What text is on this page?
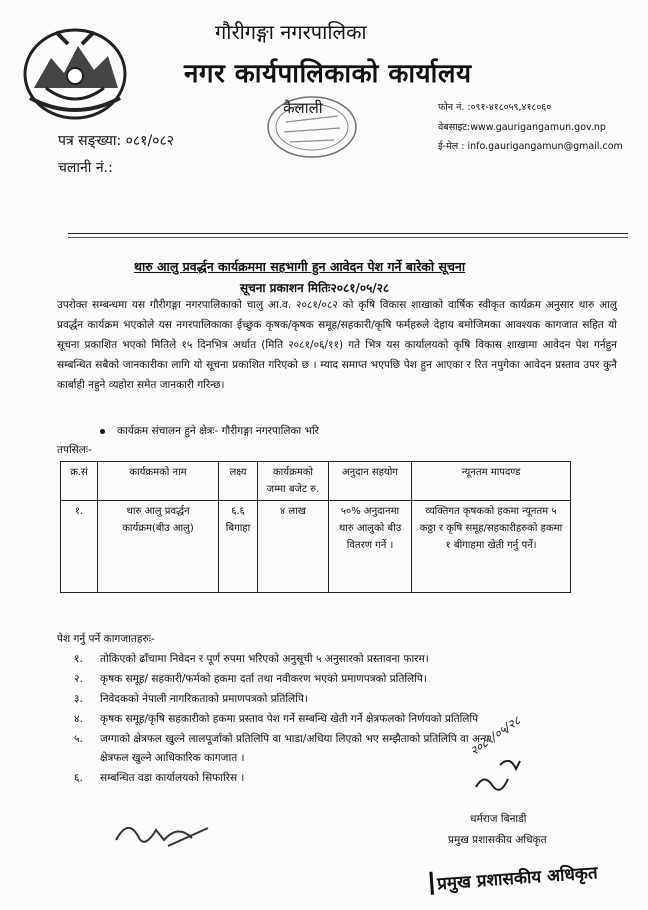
गौरीगङ्गा नगरपालिका
नगर कार्यपालिकाको कार्यालय
कैलाली	फोन नं. :०९१-४१८०५९,४१८०६०
वेबसाइट:www.gaurigangamun.gov.np
ई-मेल : info.gaurigangamun@gmail.com
पत्र सङ्ख्या: ०८१/०८२
चलानी नं.:
थारु आलु प्रवर्द्धन कार्यक्रममा सहभागी हुन आवेदन पेश गर्ने बारेको सूचना
सूचना प्रकाशन मितिः२०८१/०५/२८
उपरोक्त सम्बन्धमा यस गौरीगङ्गा नगरपालिकाको चालु आ.व. २०८१/०८२ को कृषि विकास शाखाको वार्षिक स्वीकृत कार्यक्रम अनुसार थारु आलु प्रवर्द्धन कार्यक्रम भएकोले यस नगरपालिकाका ईच्छुक कृषक/कृषक समूह/सहकारी/कृषि फर्महरुले देहाय बमोजिमका आवश्यक कागजात सहित यो सूचना प्रकाशित भएको मितिले १५ दिनभित्र अर्थात (मिति २०८१/०६/११) गते भित्र यस कार्यालयको कृषि विकास शाखामा आवेदन पेश गर्नहुन सम्बन्धित सबैको जानकारीका लागि यो सूचना प्रकाशित गरिएको छ । म्याद समाप्त भएपछि पेश हुन आएका र रित नपुगेका आवेदन प्रस्ताव उपर कुनै कार्बाही नहुने व्यहोरा समेत जानकारी गरिन्छ।
कार्यक्रम संचालन हुने क्षेत्रः- गौरीगङ्गा नगरपालिका भरि
तपसिलः-
क्र.सं	कार्यक्रमको नाम	लक्ष्य	कार्यक्रमको जम्मा बजेट रु.	अनुदान सहयोग	न्यूनतम मापदण्ड
१.	थारु आलु प्रवर्द्धन कार्यक्रम(बीउ आलु)	६.६ बिगाहा	४ लाख	५०% अनुदानमा थारु आलुको बीउ वितरण गर्ने ।	व्यक्तिगत कृषकको हकमा न्यूनतम ५ कठ्ठा र कृषि समूह/सहकारीहरुको हकमा १ बीगाहमा खेती गर्नु पर्ने।
पेश गर्नु पर्ने कागजातहरुः-
१. तोकिएको ढाँचामा निवेदन र पूर्ण रुपमा भरिएको अनुसूची ५ अनुसारको प्रस्तावना फारम।
२. कृषक समूह/ सहकारी/फर्मको हकमा दर्ता तथा नवीकरण भएको प्रमाणपत्रको प्रतिलिपि।
३. निवेदकको नेपाली नागरिकताको प्रमाणपत्रको प्रतिलिपि।
४. कृषक समूह/कृषि सहकारीको हकमा प्रस्ताव पेश गर्ने सम्बन्धि खेती गर्ने क्षेत्रफलको निर्णयको प्रतिलिपि
५. जग्गाको क्षेत्रफल खुल्ने लालपूर्जाको प्रतिलिपि वा भाडा/अधिया लिएको भए सम्झैताको प्रतिलिपि वा अन्य
क्षेत्रफल खुल्ने आधिकारिक कागजात ।
६. सम्बन्धित वडा कार्यालयको सिफारिस ।
२०८१/०५/२८
धर्मराज बिनाडी
प्रमुख प्रशासकीय अधिकृत
प्रमुख प्रशासकीय अधिकृत
